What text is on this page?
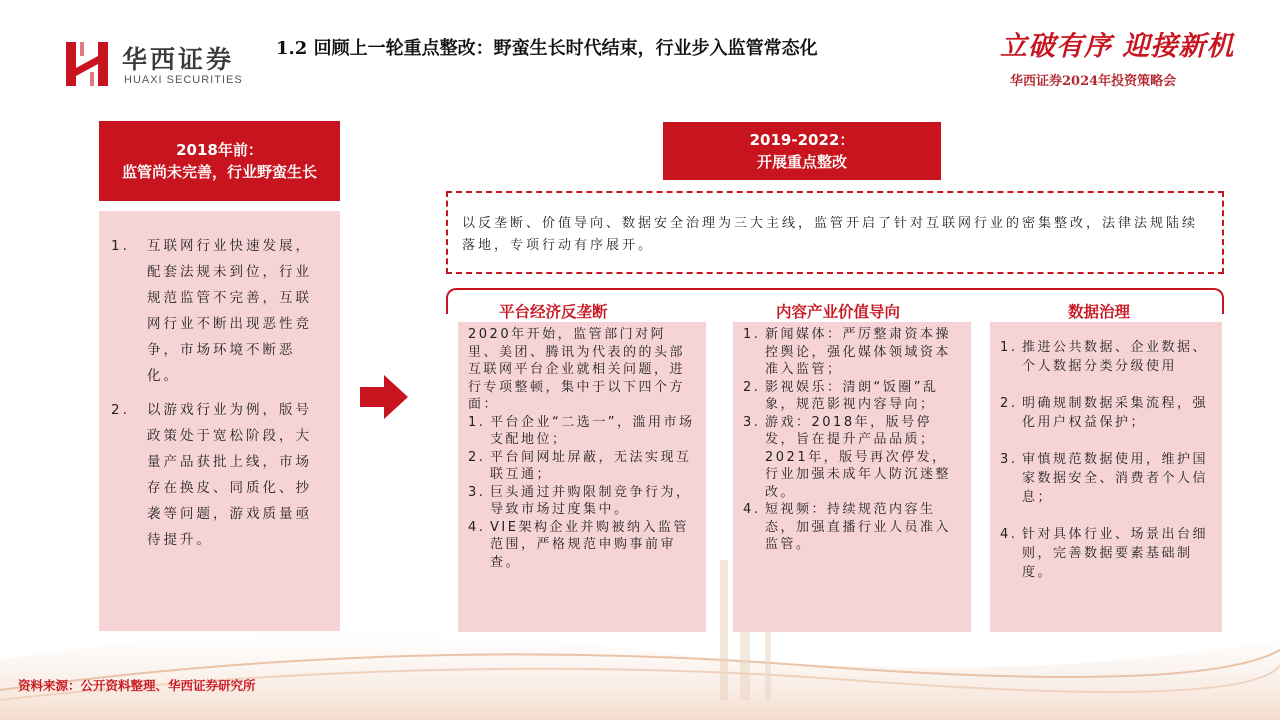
华西证券
HUAXI SECURITIES
1.2 回顾上一轮重点整改：野蛮生长时代结束，行业步入监管常态化	立破有序 迎接新机
华西证券2024年投资策略会
2018年前：
监管尚未完善，行业野蛮生长
1.	互联网行业快速发展，配套法规未到位，行业规范监管不完善，互联网行业不断出现恶性竞争，市场环境不断恶化。
2.	以游戏行业为例，版号政策处于宽松阶段，大量产品获批上线，市场存在换皮、同质化、抄袭等问题，游戏质量亟待提升。
2019-2022：
开展重点整改
以反垄断、价值导向、数据安全治理为三大主线，监管开启了针对互联网行业的密集整改，法律法规陆续落地，专项行动有序展开。
平台经济反垄断	内容产业价值导向	数据治理
2020年开始，监管部门对阿里、美团、腾讯为代表的的头部互联网平台企业就相关问题，进行专项整顿，集中于以下四个方面：
1. 平台企业“二选一”，滥用市场支配地位；
2. 平台间网址屏蔽，无法实现互联互通；
3. 巨头通过并购限制竞争行为，导致市场过度集中。
4. VIE架构企业并购被纳入监管范围，严格规范申购事前审查。
1. 新闻媒体：严厉整肃资本操控舆论，强化媒体领域资本准入监管；
2. 影视娱乐：清朗“饭圈”乱象，规范影视内容导向；
3. 游戏：2018年，版号停发，旨在提升产品品质；2021年，版号再次停发，行业加强未成年人防沉迷整改。
4. 短视频：持续规范内容生态，加强直播行业人员准入监管。
1. 推进公共数据、企业数据、个人数据分类分级使用
2. 明确规制数据采集流程，强化用户权益保护；
3. 审慎规范数据使用，维护国家数据安全、消费者个人信息；
4. 针对具体行业、场景出台细则，完善数据要素基础制度。
资料来源：公开资料整理、华西证券研究所
